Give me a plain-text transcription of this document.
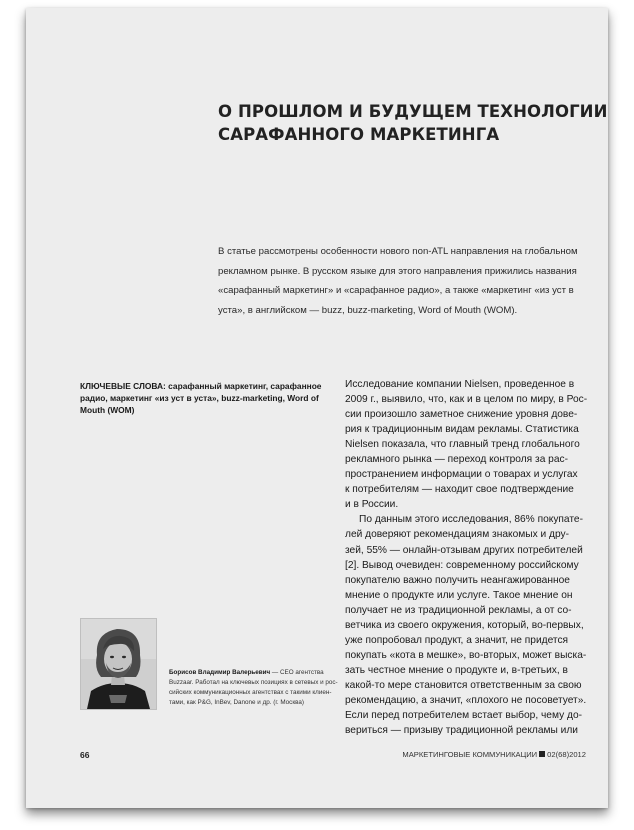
О ПРОШЛОМ И БУДУЩЕМ ТЕХНОЛОГИИ
САРАФАННОГО МАРКЕТИНГА
В статье рассмотрены особенности нового non-ATL направления на глобальном
рекламном рынке. В русском языке для этого направления прижились названия
«сарафанный маркетинг» и «сарафанное радио», а также «маркетинг «из уст в
уста», в английском — buzz, buzz-marketing, Word of Mouth (WOM).
КЛЮЧЕВЫЕ СЛОВА: сарафанный маркетинг, сарафанное
радио, маркетинг «из уст в уста», buzz-marketing, Word of
Mouth (WOM)
Исследование компании Nielsen, проведенное в
2009 г., выявило, что, как и в целом по миру, в Рос-
сии произошло заметное снижение уровня дове-
рия к традиционным видам рекламы. Статистика
Nielsen показала, что главный тренд глобального
рекламного рынка — переход контроля за рас-
пространением информации о товарах и услугах
к потребителям — находит свое подтверждение
и в России.
По данным этого исследования, 86% покупате-
лей доверяют рекомендациям знакомых и дру-
зей, 55% — онлайн-отзывам других потребителей
[2]. Вывод очевиден: современному российскому
покупателю важно получить неангажированное
мнение о продукте или услуге. Такое мнение он
получает не из традиционной рекламы, а от со-
ветчика из своего окружения, который, во-первых,
уже попробовал продукт, а значит, не придется
покупать «кота в мешке», во-вторых, может выска-
зать честное мнение о продукте и, в-третьих, в
какой-то мере становится ответственным за свою
рекомендацию, а значит, «плохого не посоветует».
Если перед потребителем встает выбор, чему до-
вериться — призыву традиционной рекламы или
Борисов Владимир Валерьевич — CEO агентства
Buzzaar. Работал на ключевых позициях в сетевых и рос-
сийских коммуникационных агентствах с такими клиен-
тами, как P&G, InBev, Danone и др. (г. Москва)
66	МАРКЕТИНГОВЫЕ КОММУНИКАЦИИ 02(68)2012
